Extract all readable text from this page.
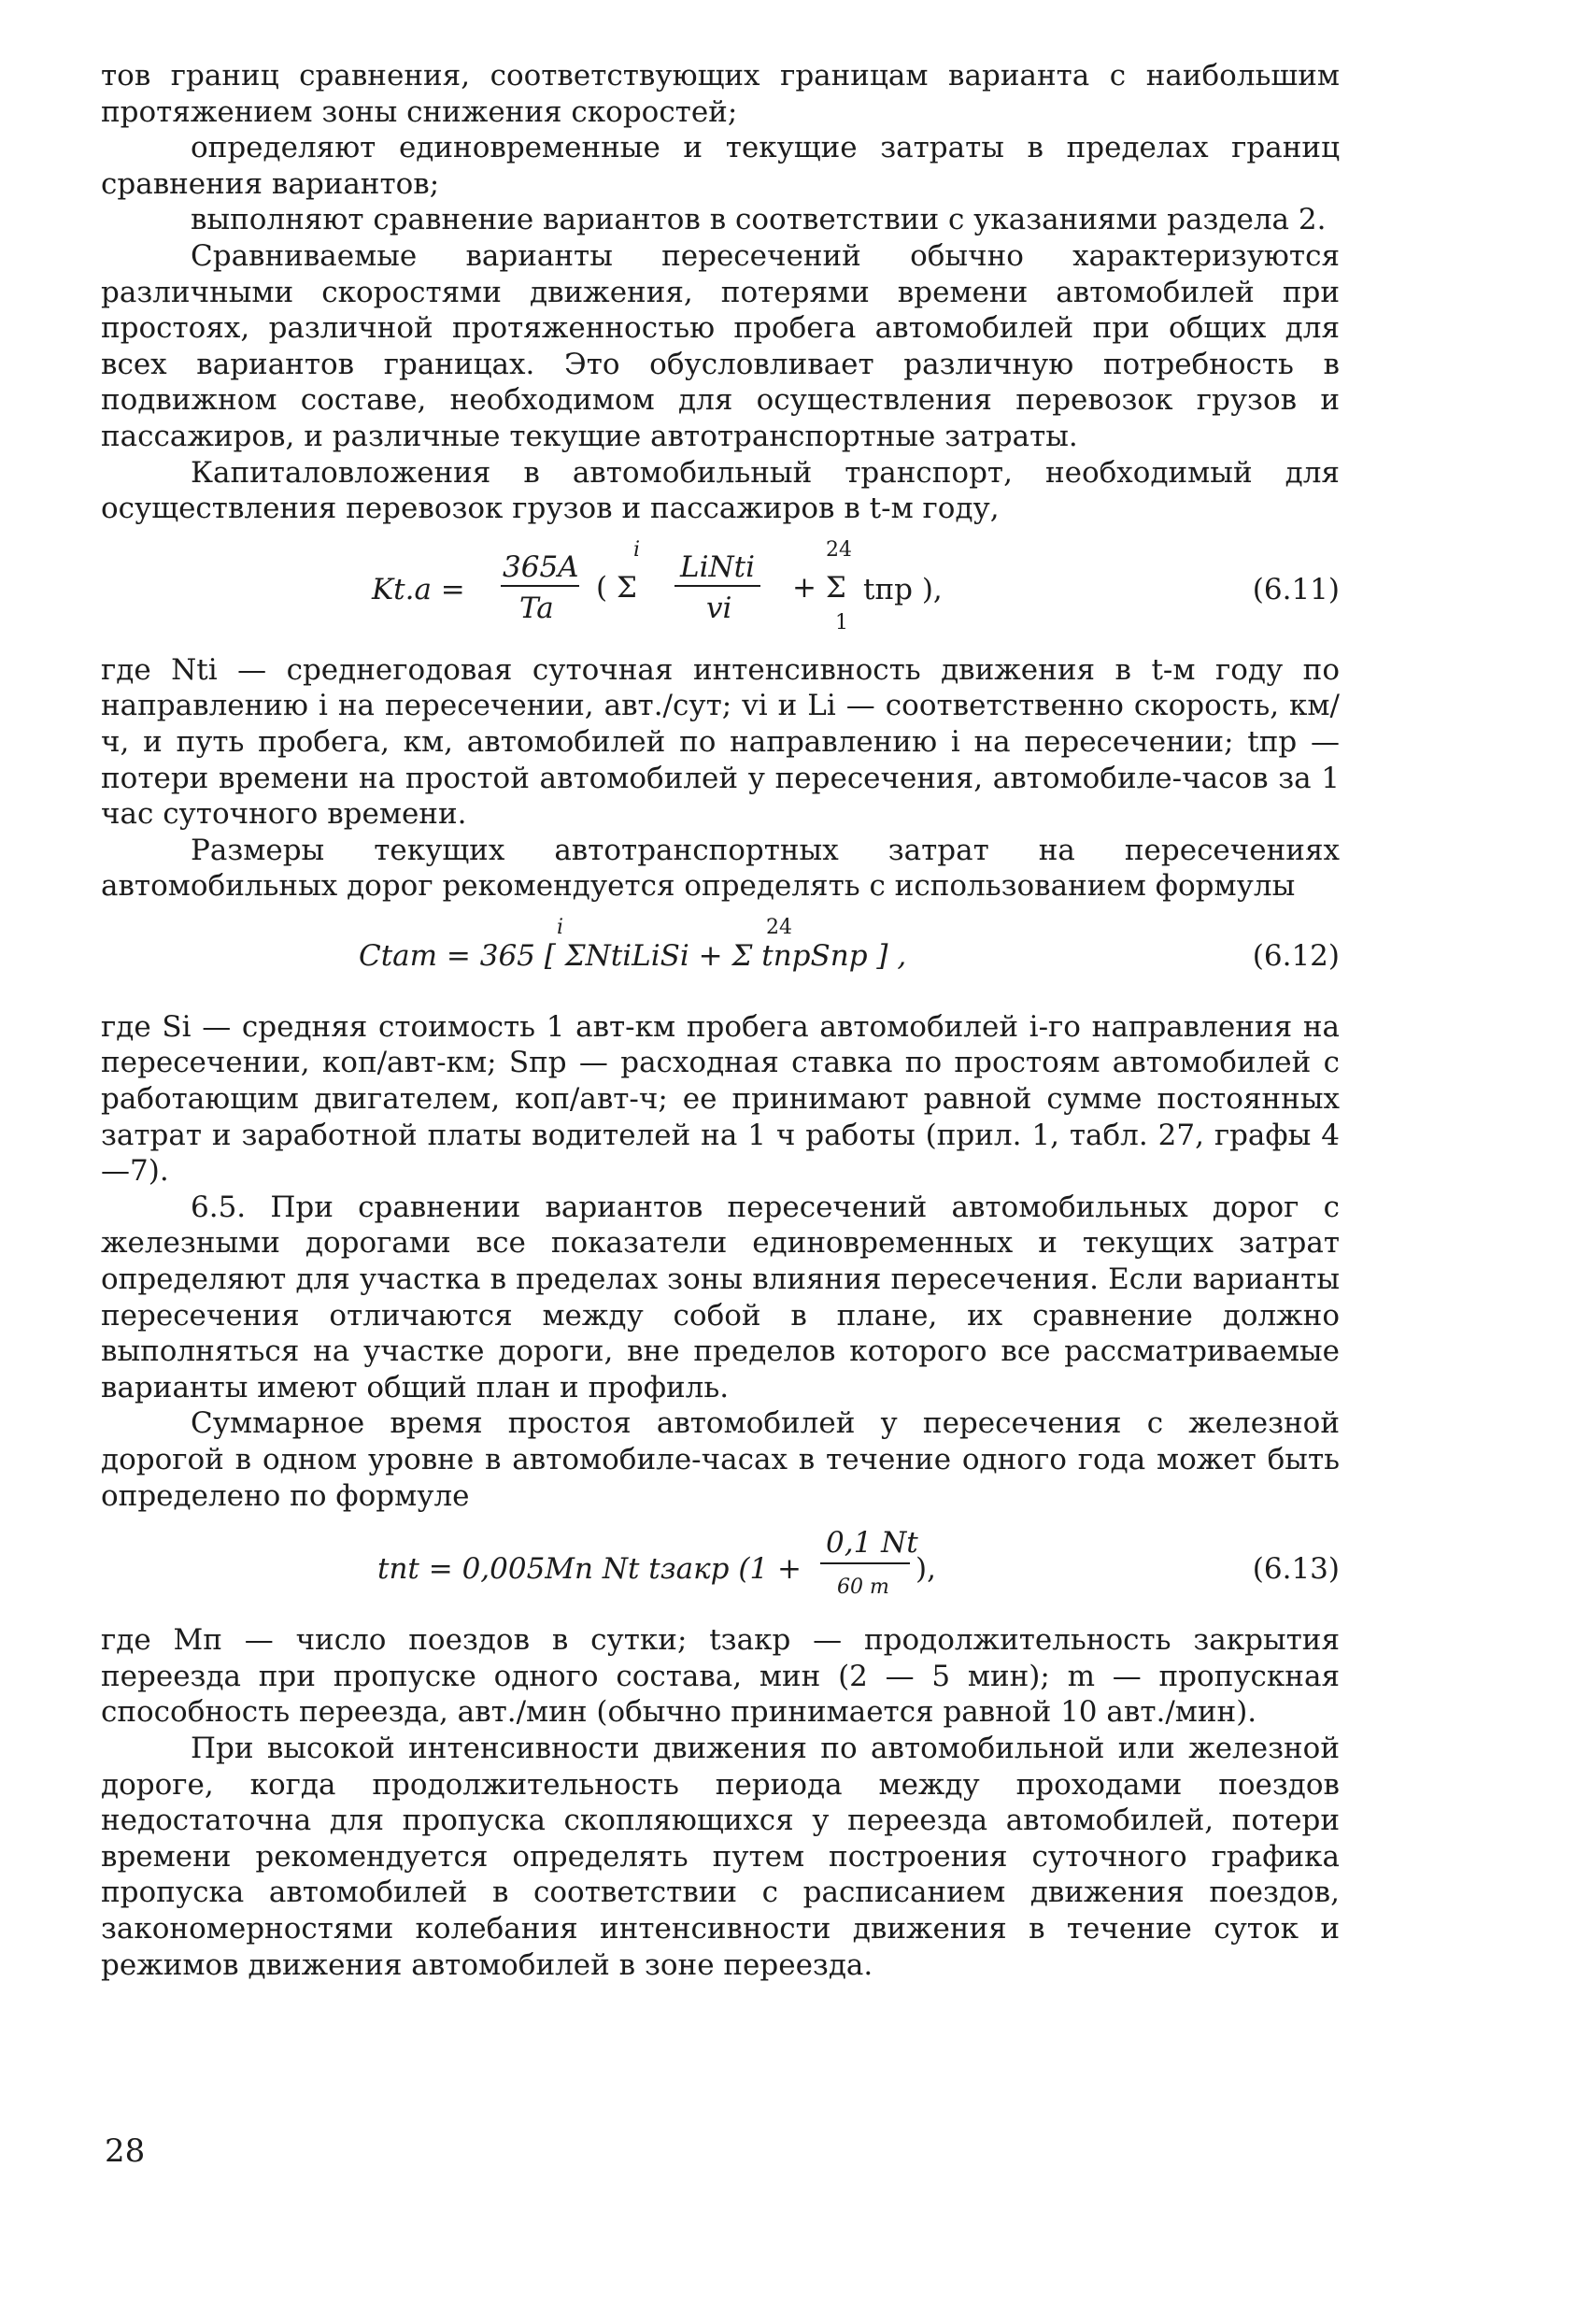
тов границ сравнения, соответствующих границам варианта с наибольшим протяжением зоны снижения скоростей;

определяют единовременные и текущие затраты в пределах границ сравнения вариантов;

выполняют сравнение вариантов в соответствии с указаниями раздела 2.

Сравниваемые варианты пересечений обычно характеризуются различными скоростями движения, потерями времени автомобилей при простоях, различной протяженностью пробега автомобилей при общих для всех вариантов границах. Это обусловливает различную потребность в подвижном составе, необходимом для осуществления перевозок грузов и пассажиров, и различные текущие автотранспортные затраты.

Капиталовложения в автомобильный транспорт, необходимый для осуществления перевозок грузов и пассажиров в t-м году,

Kt.a =
365A
Ta
i
( Σ
LiNti
vi
24
+ Σ
1
tпр ),	(6.11)

где Nti — среднегодовая суточная интенсивность движения в t-м году по направлению i на пересечении, авт./сут; vi и Li — соответственно скорость, км/ч, и путь пробега, км, автомобилей по направлению i на пересечении; tпр — потери времени на простой автомобилей у пересечения, автомобиле-часов за 1 час суточного времени.

Размеры текущих автотранспортных затрат на пересечениях автомобильных дорог рекомендуется определять с использованием формулы

i	24
Ctат = 365 [ ΣNtiLiSi + Σ tпрSпр ] ,	(6.12)

где Si — средняя стоимость 1 авт-км пробега автомобилей i-го направления на пересечении, коп/авт-км; Sпр — расходная ставка по простоям автомобилей с работающим двигателем, коп/авт-ч; ее принимают равной сумме постоянных затрат и заработной платы водителей на 1 ч работы (прил. 1, табл. 27, графы 4—7).

6.5. При сравнении вариантов пересечений автомобильных дорог с железными дорогами все показатели единовременных и текущих затрат определяют для участка в пределах зоны влияния пересечения. Если варианты пересечения отличаются между собой в плане, их сравнение должно выполняться на участке дороги, вне пределов которого все рассматриваемые варианты имеют общий план и профиль.

Суммарное время простоя автомобилей у пересечения с железной дорогой в одном уровне в автомобиле-часах в течение одного года может быть определено по формуле

tпt = 0,005Mп Nt tзакр (1 +
0,1 Nt
60 m
),	(6.13)

где Mп — число поездов в сутки; tзакр — продолжительность закрытия переезда при пропуске одного состава, мин (2 — 5 мин); m — пропускная способность переезда, авт./мин (обычно принимается равной 10 авт./мин).

При высокой интенсивности движения по автомобильной или железной дороге, когда продолжительность периода между проходами поездов недостаточна для пропуска скопляющихся у переезда автомобилей, потери времени рекомендуется определять путем построения суточного графика пропуска автомобилей в соответствии с расписанием движения поездов, закономерностями колебания интенсивности движения в течение суток и режимов движения автомобилей в зоне переезда.

28
